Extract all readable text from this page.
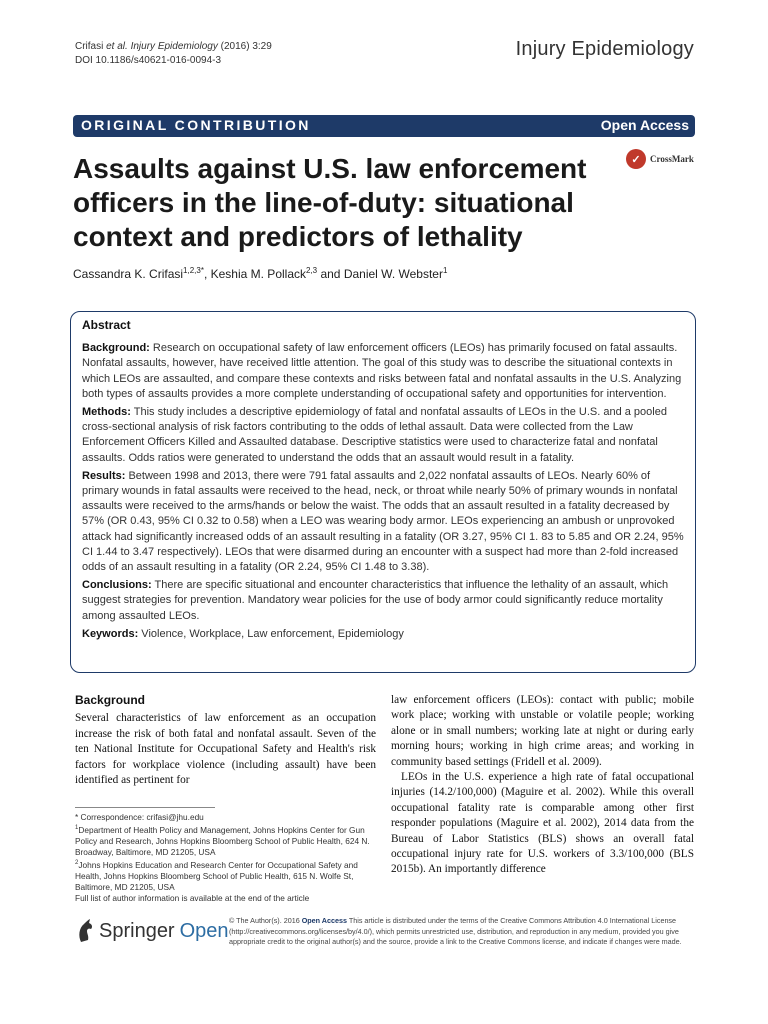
Crifasi et al. Injury Epidemiology (2016) 3:29
DOI 10.1186/s40621-016-0094-3
Injury Epidemiology
ORIGINAL CONTRIBUTION	Open Access
Assaults against U.S. law enforcement officers in the line-of-duty: situational context and predictors of lethality
✓ CrossMark
Cassandra K. Crifasi$^{1,2,3*}$, Keshia M. Pollack$^{2,3}$ and Daniel W. Webster$^1$
Abstract

Background: Research on occupational safety of law enforcement officers (LEOs) has primarily focused on fatal assaults. Nonfatal assaults, however, have received little attention. The goal of this study was to describe the situational contexts in which LEOs are assaulted, and compare these contexts and risks between fatal and nonfatal assaults in the U.S. Analyzing both types of assaults provides a more complete understanding of occupational safety and opportunities for intervention.

Methods: This study includes a descriptive epidemiology of fatal and nonfatal assaults of LEOs in the U.S. and a pooled cross-sectional analysis of risk factors contributing to the odds of lethal assault. Data were collected from the Law Enforcement Officers Killed and Assaulted database. Descriptive statistics were used to characterize fatal and nonfatal assaults. Odds ratios were generated to understand the odds that an assault would result in a fatality.

Results: Between 1998 and 2013, there were 791 fatal assaults and 2,022 nonfatal assaults of LEOs. Nearly 60% of primary wounds in fatal assaults were received to the head, neck, or throat while nearly 50% of primary wounds in nonfatal assaults were received to the arms/hands or below the waist. The odds that an assault resulted in a fatality decreased by 57% (OR 0.43, 95% CI 0.32 to 0.58) when a LEO was wearing body armor. LEOs experiencing an ambush or unprovoked attack had significantly increased odds of an assault resulting in a fatality (OR 3.27, 95% CI 1. 83 to 5.85 and OR 2.24, 95% CI 1.44 to 3.47 respectively). LEOs that were disarmed during an encounter with a suspect had more than 2-fold increased odds of an assault resulting in a fatality (OR 2.24, 95% CI 1.48 to 3.38).

Conclusions: There are specific situational and encounter characteristics that influence the lethality of an assault, which suggest strategies for prevention. Mandatory wear policies for the use of body armor could significantly reduce mortality among assaulted LEOs.

Keywords: Violence, Workplace, Law enforcement, Epidemiology

Background

Several characteristics of law enforcement as an occupation increase the risk of both fatal and nonfatal assault. Seven of the ten National Institute for Occupational Safety and Health's risk factors for workplace violence (including assault) have been identified as pertinent for

law enforcement officers (LEOs): contact with public; mobile work place; working with unstable or volatile people; working alone or in small numbers; working late at night or during early morning hours; working in high crime areas; and working in community based settings (Fridell et al. 2009).

LEOs in the U.S. experience a high rate of fatal occupational injuries (14.2/100,000) (Maguire et al. 2002). While this overall occupational fatality rate is comparable among other first responder populations (Maguire et al. 2002), 2014 data from the Bureau of Labor Statistics (BLS) shows an overall fatal occupational injury rate for U.S. workers of 3.3/100,000 (BLS 2015b). An importantly difference

* Correspondence: crifasi@jhu.edu

$^1$Department of Health Policy and Management, Johns Hopkins Center for Gun Policy and Research, Johns Hopkins Bloomberg School of Public Health, 624 N. Broadway, Baltimore, MD 21205, USA

$^2$Johns Hopkins Education and Research Center for Occupational Safety and Health, Johns Hopkins Bloomberg School of Public Health, 615 N. Wolfe St, Baltimore, MD 21205, USA

Full list of author information is available at the end of the article

Springer Open © The Author(s). 2016 Open Access This article is distributed under the terms of the Creative Commons Attribution 4.0 International License (http://creativecommons.org/licenses/by/4.0/), which permits unrestricted use, distribution, and reproduction in any medium, provided you give appropriate credit to the original author(s) and the source, provide a link to the Creative Commons license, and indicate if changes were made.
